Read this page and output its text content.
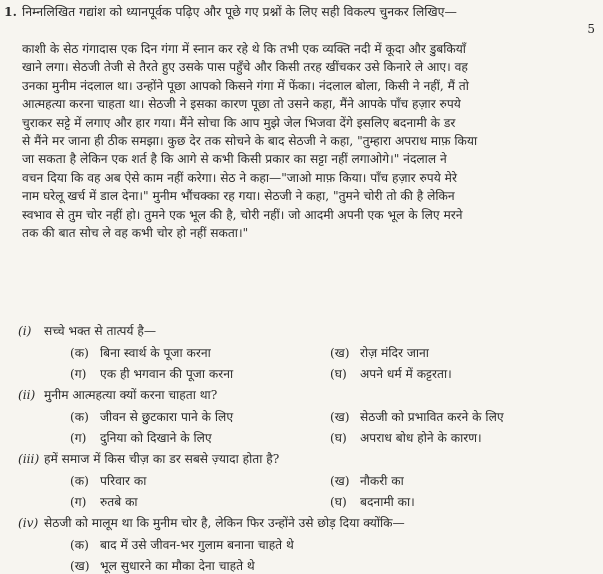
1. निम्नलिखित गद्यांश को ध्यानपूर्वक पढ़िए और पूछे गए प्रश्नों के लिए सही विकल्प चुनकर लिखिए—
5
काशी के सेठ गंगादास एक दिन गंगा में स्नान कर रहे थे कि तभी एक व्यक्ति नदी में कूदा और डुबकियाँ
खाने लगा। सेठजी तेजी से तैरते हुए उसके पास पहुँचे और किसी तरह खींचकर उसे किनारे ले आए। वह
उनका मुनीम नंदलाल था। उन्होंने पूछा आपको किसने गंगा में फेंका। नंदलाल बोला, किसी ने नहीं, मैं तो
आत्महत्या करना चाहता था। सेठजी ने इसका कारण पूछा तो उसने कहा, मैंने आपके पाँच हज़ार रुपये
चुराकर सट्टे में लगाए और हार गया। मैंने सोचा कि आप मुझे जेल भिजवा देंगे इसलिए बदनामी के डर
से मैंने मर जाना ही ठीक समझा। कुछ देर तक सोचने के बाद सेठजी ने कहा, "तुम्हारा अपराध माफ़ किया
जा सकता है लेकिन एक शर्त है कि आगे से कभी किसी प्रकार का सट्टा नहीं लगाओगे।" नंदलाल ने
वचन दिया कि वह अब ऐसे काम नहीं करेगा। सेठ ने कहा—"जाओ माफ़ किया। पाँच हज़ार रुपये मेरे
नाम घरेलू खर्च में डाल देना।" मुनीम भौंचक्का रह गया। सेठजी ने कहा, "तुमने चोरी तो की है लेकिन
स्वभाव से तुम चोर नहीं हो। तुमने एक भूल की है, चोरी नहीं। जो आदमी अपनी एक भूल के लिए मरने
तक की बात सोच ले वह कभी चोर हो नहीं सकता।"
(i) सच्चे भक्त से तात्पर्य है—
(क) बिना स्वार्थ के पूजा करना	(ख) रोज़ मंदिर जाना
(ग) एक ही भगवान की पूजा करना	(घ) अपने धर्म में कट्टरता।
(ii) मुनीम आत्महत्या क्यों करना चाहता था?
(क) जीवन से छुटकारा पाने के लिए	(ख) सेठजी को प्रभावित करने के लिए
(ग) दुनिया को दिखाने के लिए	(घ) अपराध बोध होने के कारण।
(iii) हमें समाज में किस चीज़ का डर सबसे ज़्यादा होता है?
(क) परिवार का	(ख) नौकरी का
(ग) रुतबे का	(घ) बदनामी का।
(iv) सेठजी को मालूम था कि मुनीम चोर है, लेकिन फिर उन्होंने उसे छोड़ दिया क्योंकि—
(क) बाद में उसे जीवन-भर गुलाम बनाना चाहते थे
(ख) भूल सुधारने का मौका देना चाहते थे
